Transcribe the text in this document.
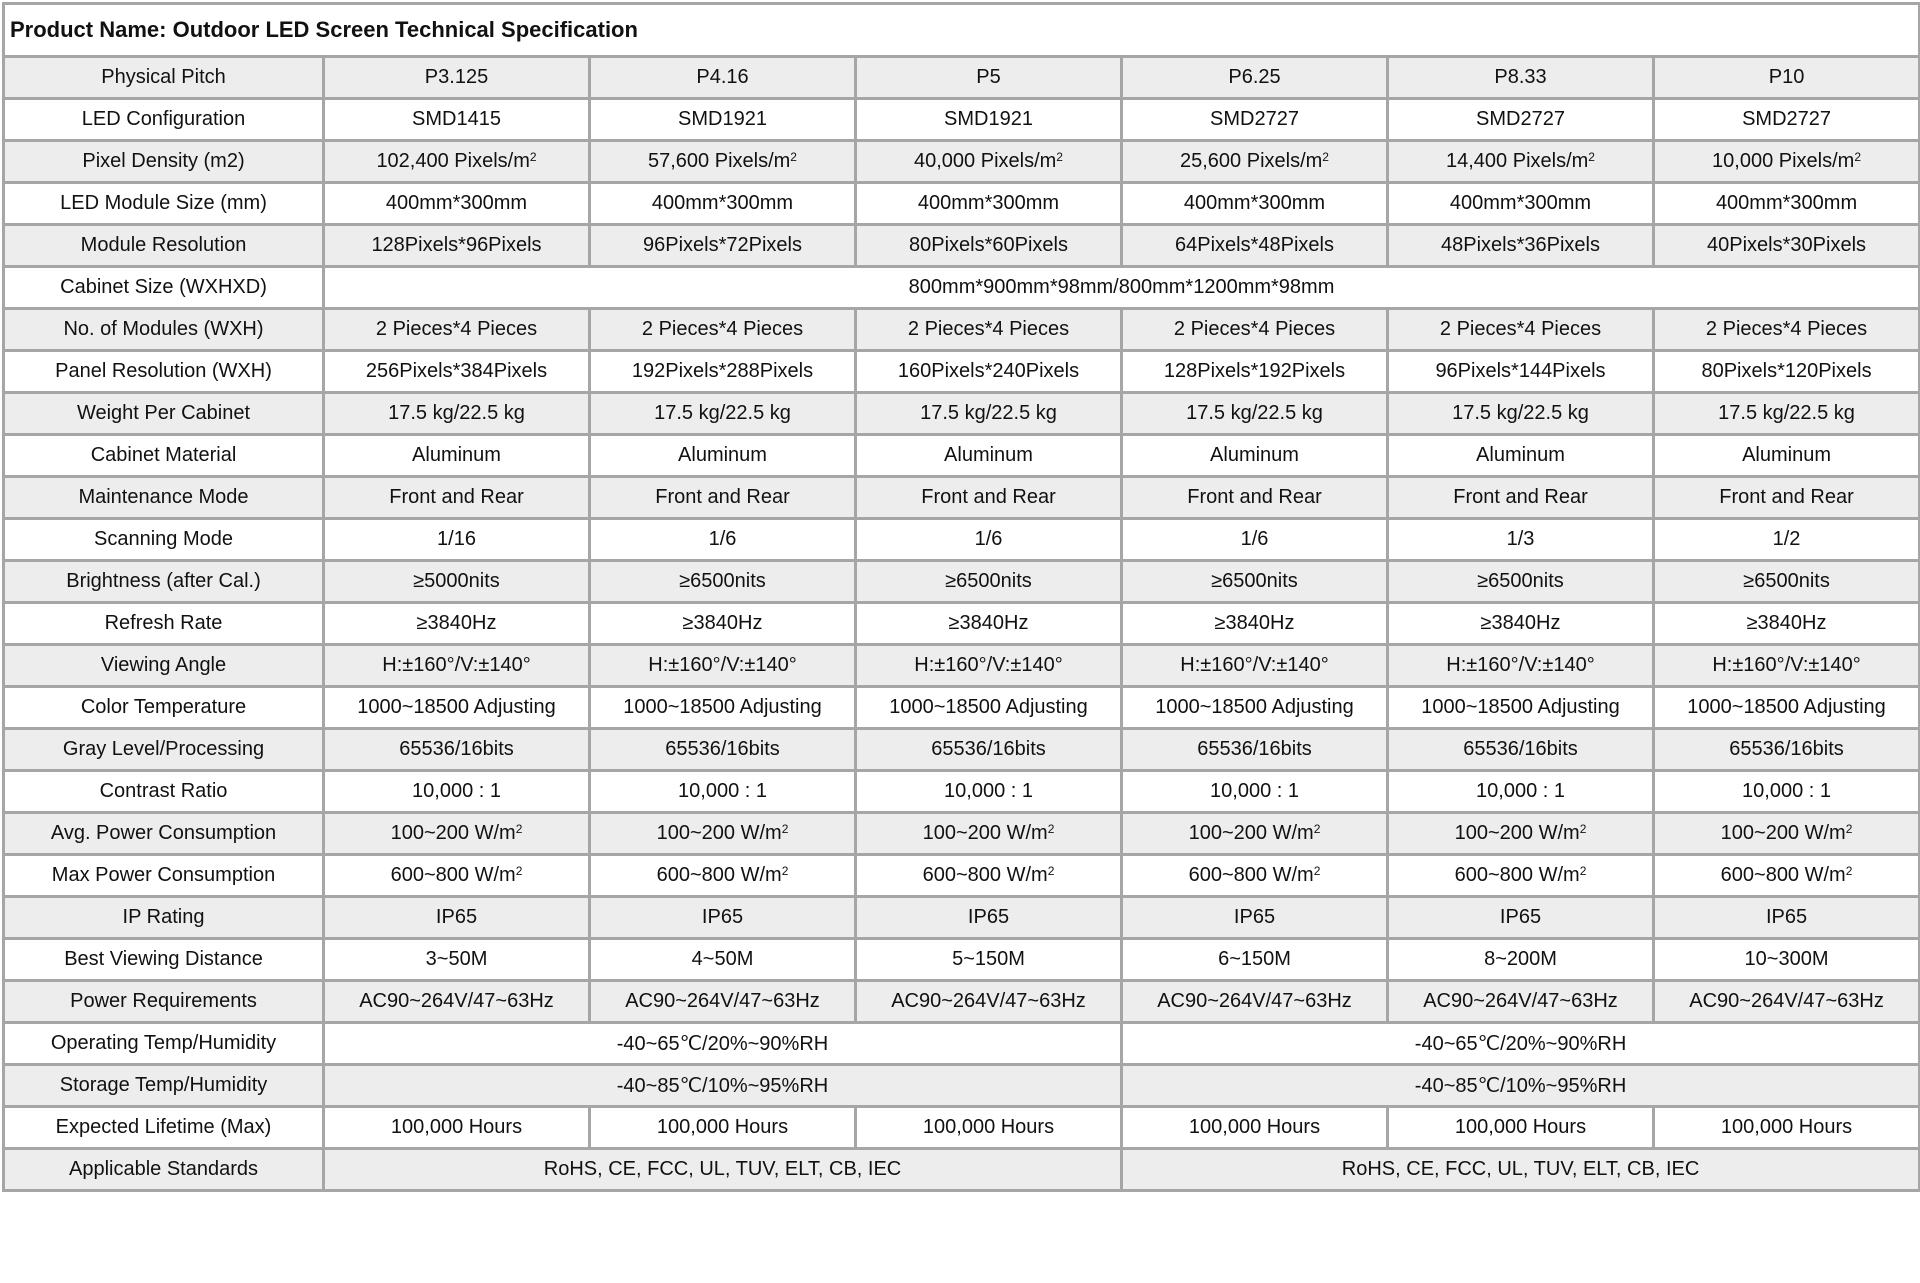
Product Name: Outdoor LED Screen Technical Specification						
Physical Pitch	P3.125	P4.16	P5	P6.25	P8.33	P10
LED Configuration	SMD1415	SMD1921	SMD1921	SMD2727	SMD2727	SMD2727
Pixel Density (m2)	102,400 Pixels/$m^2$	57,600 Pixels/$m^2$	40,000 Pixels/$m^2$	25,600 Pixels/$m^2$	14,400 Pixels/$m^2$	10,000 Pixels/$m^2$
LED Module Size (mm)	400mm*300mm	400mm*300mm	400mm*300mm	400mm*300mm	400mm*300mm	400mm*300mm
Module Resolution	128Pixels*96Pixels	96Pixels*72Pixels	80Pixels*60Pixels	64Pixels*48Pixels	48Pixels*36Pixels	40Pixels*30Pixels
Cabinet Size (WXHXD)	800mm*900mm*98mm/800mm*1200mm*98mm					
No. of Modules (WXH)	2 Pieces*4 Pieces	2 Pieces*4 Pieces	2 Pieces*4 Pieces	2 Pieces*4 Pieces	2 Pieces*4 Pieces	2 Pieces*4 Pieces
Panel Resolution (WXH)	256Pixels*384Pixels	192Pixels*288Pixels	160Pixels*240Pixels	128Pixels*192Pixels	96Pixels*144Pixels	80Pixels*120Pixels
Weight Per Cabinet	17.5 kg/22.5 kg	17.5 kg/22.5 kg	17.5 kg/22.5 kg	17.5 kg/22.5 kg	17.5 kg/22.5 kg	17.5 kg/22.5 kg
Cabinet Material	Aluminum	Aluminum	Aluminum	Aluminum	Aluminum	Aluminum
Maintenance Mode	Front and Rear	Front and Rear	Front and Rear	Front and Rear	Front and Rear	Front and Rear
Scanning Mode	1/16	1/6	1/6	1/6	1/3	1/2
Brightness (after Cal.)	≥5000nits	≥6500nits	≥6500nits	≥6500nits	≥6500nits	≥6500nits
Refresh Rate	≥3840Hz	≥3840Hz	≥3840Hz	≥3840Hz	≥3840Hz	≥3840Hz
Viewing Angle	H:±160°/V:±140°	H:±160°/V:±140°	H:±160°/V:±140°	H:±160°/V:±140°	H:±160°/V:±140°	H:±160°/V:±140°
Color Temperature	1000~18500 Adjusting	1000~18500 Adjusting	1000~18500 Adjusting	1000~18500 Adjusting	1000~18500 Adjusting	1000~18500 Adjusting
Gray Level/Processing	65536/16bits	65536/16bits	65536/16bits	65536/16bits	65536/16bits	65536/16bits
Contrast Ratio	10,000 : 1	10,000 : 1	10,000 : 1	10,000 : 1	10,000 : 1	10,000 : 1
Avg. Power Consumption	100~200 $W/m^2$	100~200 $W/m^2$	100~200 $W/m^2$	100~200 $W/m^2$	100~200 $W/m^2$	100~200 $W/m^2$
Max Power Consumption	600~800 $W/m^2$	600~800 $W/m^2$	600~800 $W/m^2$	600~800 $W/m^2$	600~800 $W/m^2$	600~800 $W/m^2$
IP Rating	IP65	IP65	IP65	IP65	IP65	IP65
Best Viewing Distance	3~50M	4~50M	5~150M	6~150M	8~200M	10~300M
Power Requirements	AC90~264V/47~63Hz	AC90~264V/47~63Hz	AC90~264V/47~63Hz	AC90~264V/47~63Hz	AC90~264V/47~63Hz	AC90~264V/47~63Hz
Operating Temp/Humidity	-40~65℃/20%~90%RH			-40~65℃/20%~90%RH		
Storage Temp/Humidity	-40~85℃/10%~95%RH			-40~85℃/10%~95%RH		
Expected Lifetime (Max)	100,000 Hours	100,000 Hours	100,000 Hours	100,000 Hours	100,000 Hours	100,000 Hours
Applicable Standards	RoHS, CE, FCC, UL, TUV, ELT, CB, IEC			RoHS, CE, FCC, UL, TUV, ELT, CB, IEC		
